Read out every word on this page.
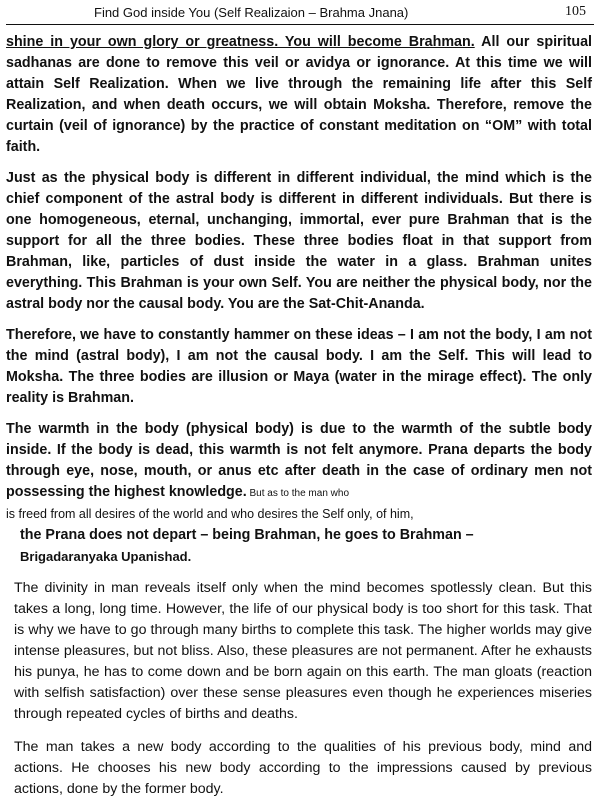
Find God inside You (Self Realizaion – Brahma Jnana)	105

shine in your own glory or greatness. You will become Brahman. All our spiritual sadhanas are done to remove this veil or avidya or ignorance. At this time we will attain Self Realization. When we live through the remaining life after this Self Realization, and when death occurs, we will obtain Moksha. Therefore, remove the curtain (veil of ignorance) by the practice of constant meditation on “OM” with total faith.

Just as the physical body is different in different individual, the mind which is the chief component of the astral body is different in different individuals. But there is one homogeneous, eternal, unchanging, immortal, ever pure Brahman that is the support for all the three bodies. These three bodies float in that support from Brahman, like, particles of dust inside the water in a glass. Brahman unites everything. This Brahman is your own Self. You are neither the physical body, nor the astral body nor the causal body. You are the Sat-Chit-Ananda.

Therefore, we have to constantly hammer on these ideas – I am not the body, I am not the mind (astral body), I am not the causal body. I am the Self. This will lead to Moksha. The three bodies are illusion or Maya (water in the mirage effect). The only reality is Brahman.

The warmth in the body (physical body) is due to the warmth of the subtle body inside. If the body is dead, this warmth is not felt anymore. Prana departs the body through eye, nose, mouth, or anus etc after death in the case of ordinary men not possessing the highest knowledge. But as to the man who

is freed from all desires of the world and who desires the Self only, of him,
the Prana does not depart – being Brahman, he goes to Brahman –
Brigadaranyaka Upanishad.

The divinity in man reveals itself only when the mind becomes spotlessly clean. But this takes a long, long time. However, the life of our physical body is too short for this task. That is why we have to go through many births to complete this task. The higher worlds may give intense pleasures, but not bliss. Also, these pleasures are not permanent. After he exhausts his punya, he has to come down and be born again on this earth. The man gloats (reaction with selfish satisfaction) over these sense pleasures even though he experiences miseries through repeated cycles of births and deaths.

The man takes a new body according to the qualities of his previous body, mind and actions. He chooses his new body according to the impressions caused by previous actions, done by the former body.
